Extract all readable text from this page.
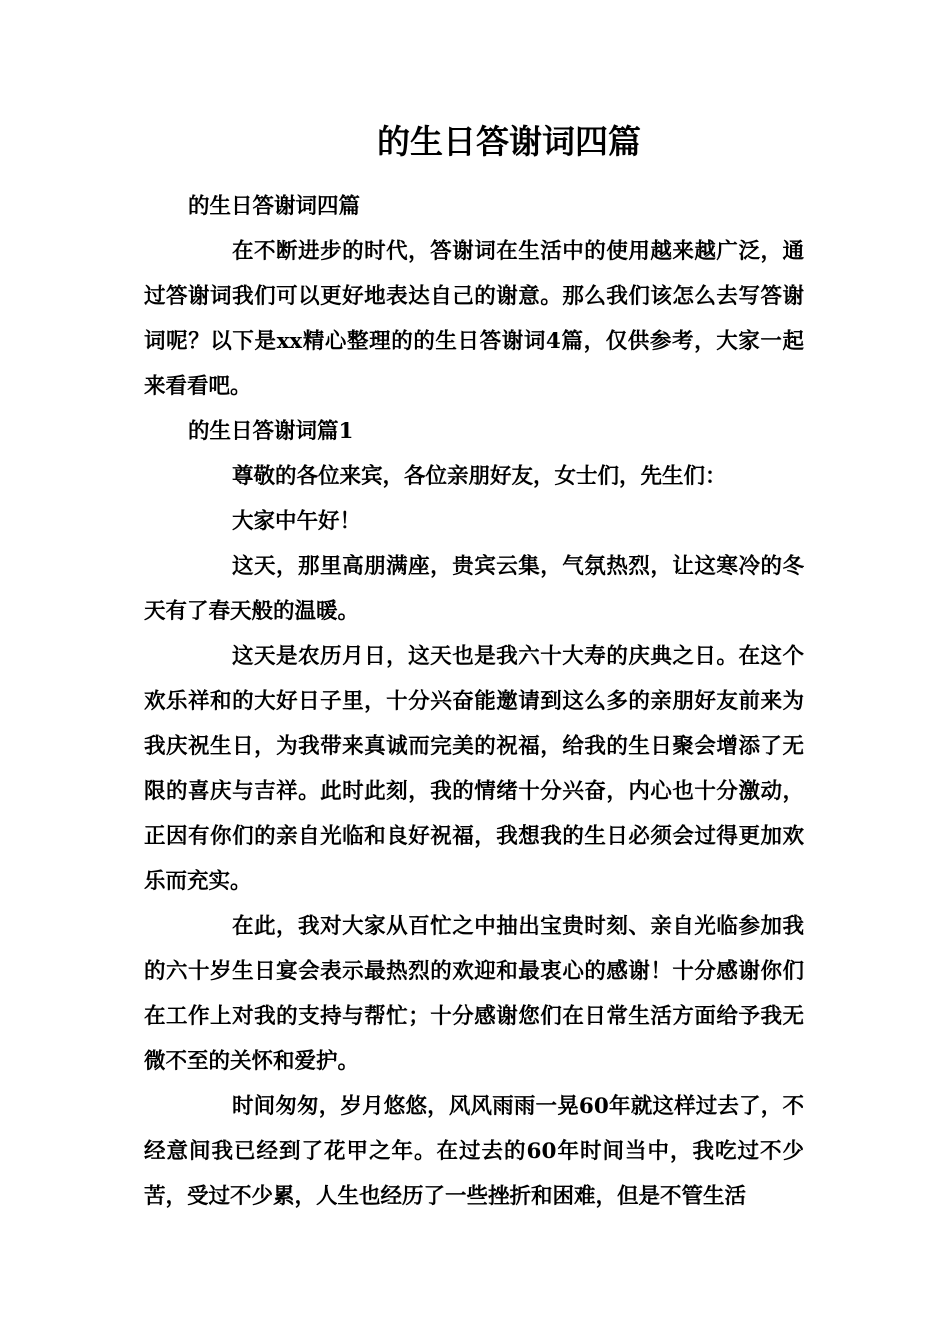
的生日答谢词四篇

的生日答谢词四篇

在不断进步的时代，答谢词在生活中的使用越来越广泛，通过答谢词我们可以更好地表达自己的谢意。那么我们该怎么去写答谢词呢？以下是xx精心整理的的生日答谢词4篇，仅供参考，大家一起来看看吧。

的生日答谢词篇1

尊敬的各位来宾，各位亲朋好友，女士们，先生们：

大家中午好！

这天，那里高朋满座，贵宾云集，气氛热烈，让这寒冷的冬天有了春天般的温暖。

这天是农历月日，这天也是我六十大寿的庆典之日。在这个欢乐祥和的大好日子里，十分兴奋能邀请到这么多的亲朋好友前来为我庆祝生日，为我带来真诚而完美的祝福，给我的生日聚会增添了无限的喜庆与吉祥。此时此刻，我的情绪十分兴奋，内心也十分激动，正因有你们的亲自光临和良好祝福，我想我的生日必须会过得更加欢乐而充实。

在此，我对大家从百忙之中抽出宝贵时刻、亲自光临参加我的六十岁生日宴会表示最热烈的欢迎和最衷心的感谢！十分感谢你们在工作上对我的支持与帮忙；十分感谢您们在日常生活方面给予我无微不至的关怀和爱护。

时间匆匆，岁月悠悠，风风雨雨一晃60年就这样过去了，不经意间我已经到了花甲之年。在过去的60年时间当中，我吃过不少苦，受过不少累，人生也经历了一些挫折和困难，但是不管生活
